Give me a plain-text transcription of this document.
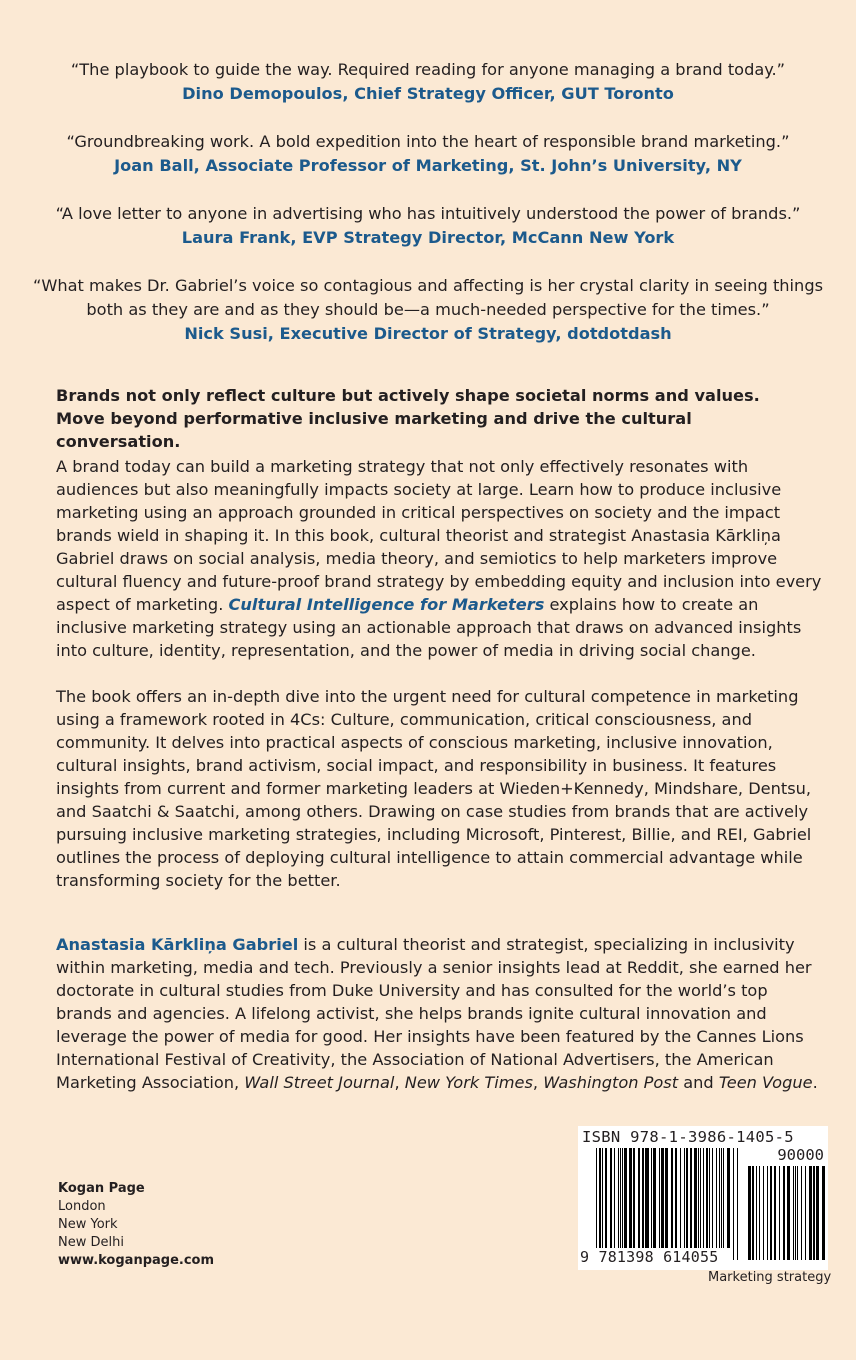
“The playbook to guide the way. Required reading for anyone managing a brand today.”
Dino Demopoulos, Chief Strategy Officer, GUT Toronto
“Groundbreaking work. A bold expedition into the heart of responsible brand marketing.”
Joan Ball, Associate Professor of Marketing, St. John’s University, NY
“A love letter to anyone in advertising who has intuitively understood the power of brands.”
Laura Frank, EVP Strategy Director, McCann New York
“What makes Dr. Gabriel’s voice so contagious and affecting is her crystal clarity in seeing things
both as they are and as they should be—a much-needed perspective for the times.”
Nick Susi, Executive Director of Strategy, dotdotdash
Brands not only reflect culture but actively shape societal norms and values.
Move beyond performative inclusive marketing and drive the cultural conversation.

A brand today can build a marketing strategy that not only effectively resonates with audiences but also meaningfully impacts society at large. Learn how to produce inclusive marketing using an approach grounded in critical perspectives on society and the impact brands wield in shaping it. In this book, cultural theorist and strategist Anastasia Kārkliņa Gabriel draws on social analysis, media theory, and semiotics to help marketers improve cultural fluency and future-proof brand strategy by embedding equity and inclusion into every aspect of marketing. Cultural Intelligence for Marketers explains how to create an inclusive marketing strategy using an actionable approach that draws on advanced insights into culture, identity, representation, and the power of media in driving social change.

The book offers an in-depth dive into the urgent need for cultural competence in marketing using a framework rooted in 4Cs: Culture, communication, critical consciousness, and community. It delves into practical aspects of conscious marketing, inclusive innovation, cultural insights, brand activism, social impact, and responsibility in business. It features insights from current and former marketing leaders at Wieden+Kennedy, Mindshare, Dentsu, and Saatchi & Saatchi, among others. Drawing on case studies from brands that are actively pursuing inclusive marketing strategies, including Microsoft, Pinterest, Billie, and REI, Gabriel outlines the process of deploying cultural intelligence to attain commercial advantage while transforming society for the better.

Anastasia Kārkliņa Gabriel is a cultural theorist and strategist, specializing in inclusivity within marketing, media and tech. Previously a senior insights lead at Reddit, she earned her doctorate in cultural studies from Duke University and has consulted for the world’s top brands and agencies. A lifelong activist, she helps brands ignite cultural innovation and leverage the power of media for good. Her insights have been featured by the Cannes Lions International Festival of Creativity, the Association of National Advertisers, the American Marketing Association, Wall Street Journal, New York Times, Washington Post and Teen Vogue.

Kogan Page
London
New York
New Delhi
www.koganpage.com
ISBN 978-1-3986-1405-5
90000
9 781398 614055
Marketing strategy
